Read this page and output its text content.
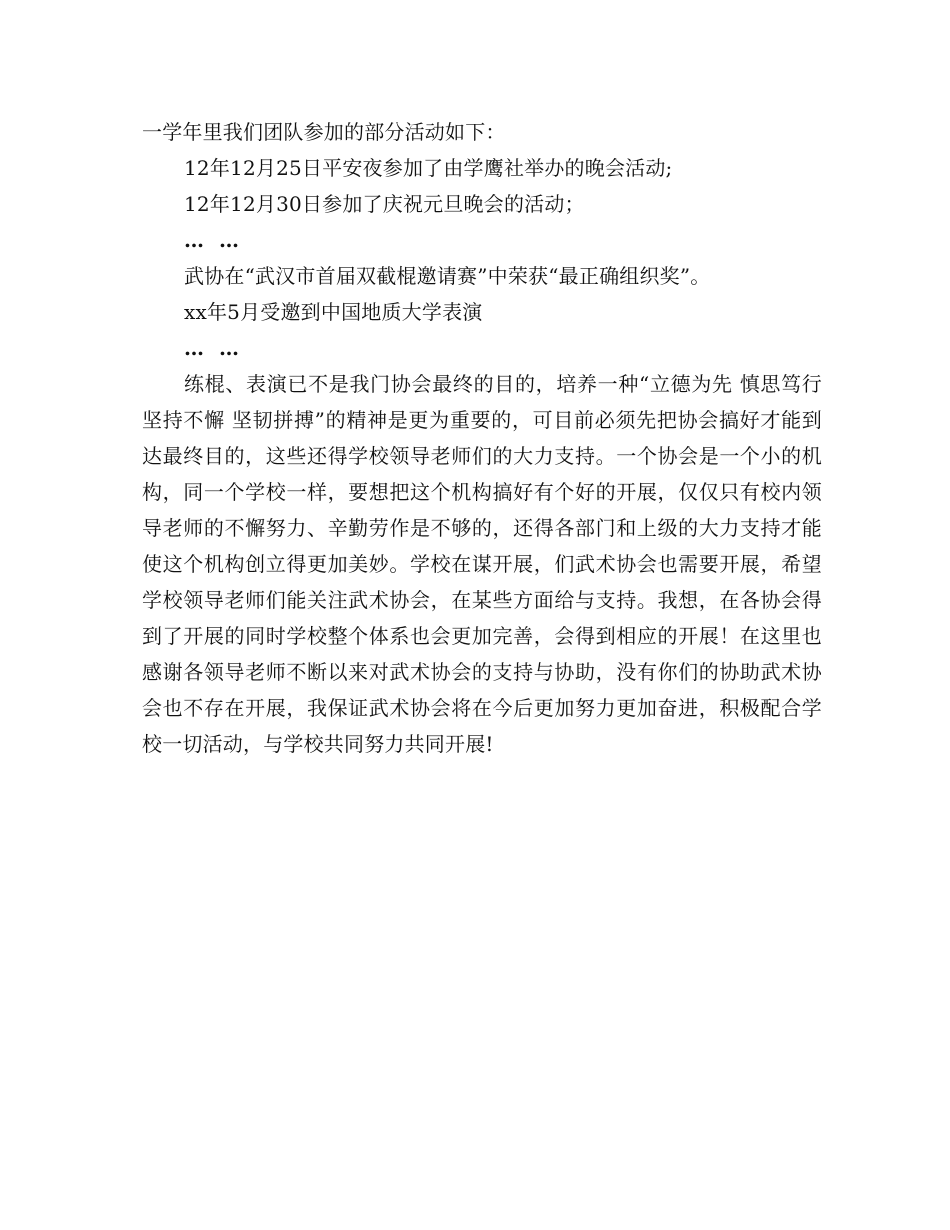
一学年里我们团队参加的部分活动如下：
12年12月25日平安夜参加了由学鹰社举办的晚会活动;
12年12月30日参加了庆祝元旦晚会的活动；
… …
武协在“武汉市首届双截棍邀请赛”中荣获“最正确组织奖”。
xx年5月受邀到中国地质大学表演
… …

练棍、表演已不是我门协会最终的目的，培养一种“立德为先 慎思笃行 坚持不懈 坚韧拼搏”的精神是更为重要的，可目前必须先把协会搞好才能到达最终目的，这些还得学校领导老师们的大力支持。一个协会是一个小的机构，同一个学校一样，要想把这个机构搞好有个好的开展，仅仅只有校内领导老师的不懈努力、辛勤劳作是不够的，还得各部门和上级的大力支持才能使这个机构创立得更加美妙。学校在谋开展，们武术协会也需要开展，希望学校领导老师们能关注武术协会，在某些方面给与支持。我想，在各协会得到了开展的同时学校整个体系也会更加完善，会得到相应的开展！在这里也感谢各领导老师不断以来对武术协会的支持与协助，没有你们的协助武术协会也不存在开展，我保证武术协会将在今后更加努力更加奋进，积极配合学校一切活动，与学校共同努力共同开展!
